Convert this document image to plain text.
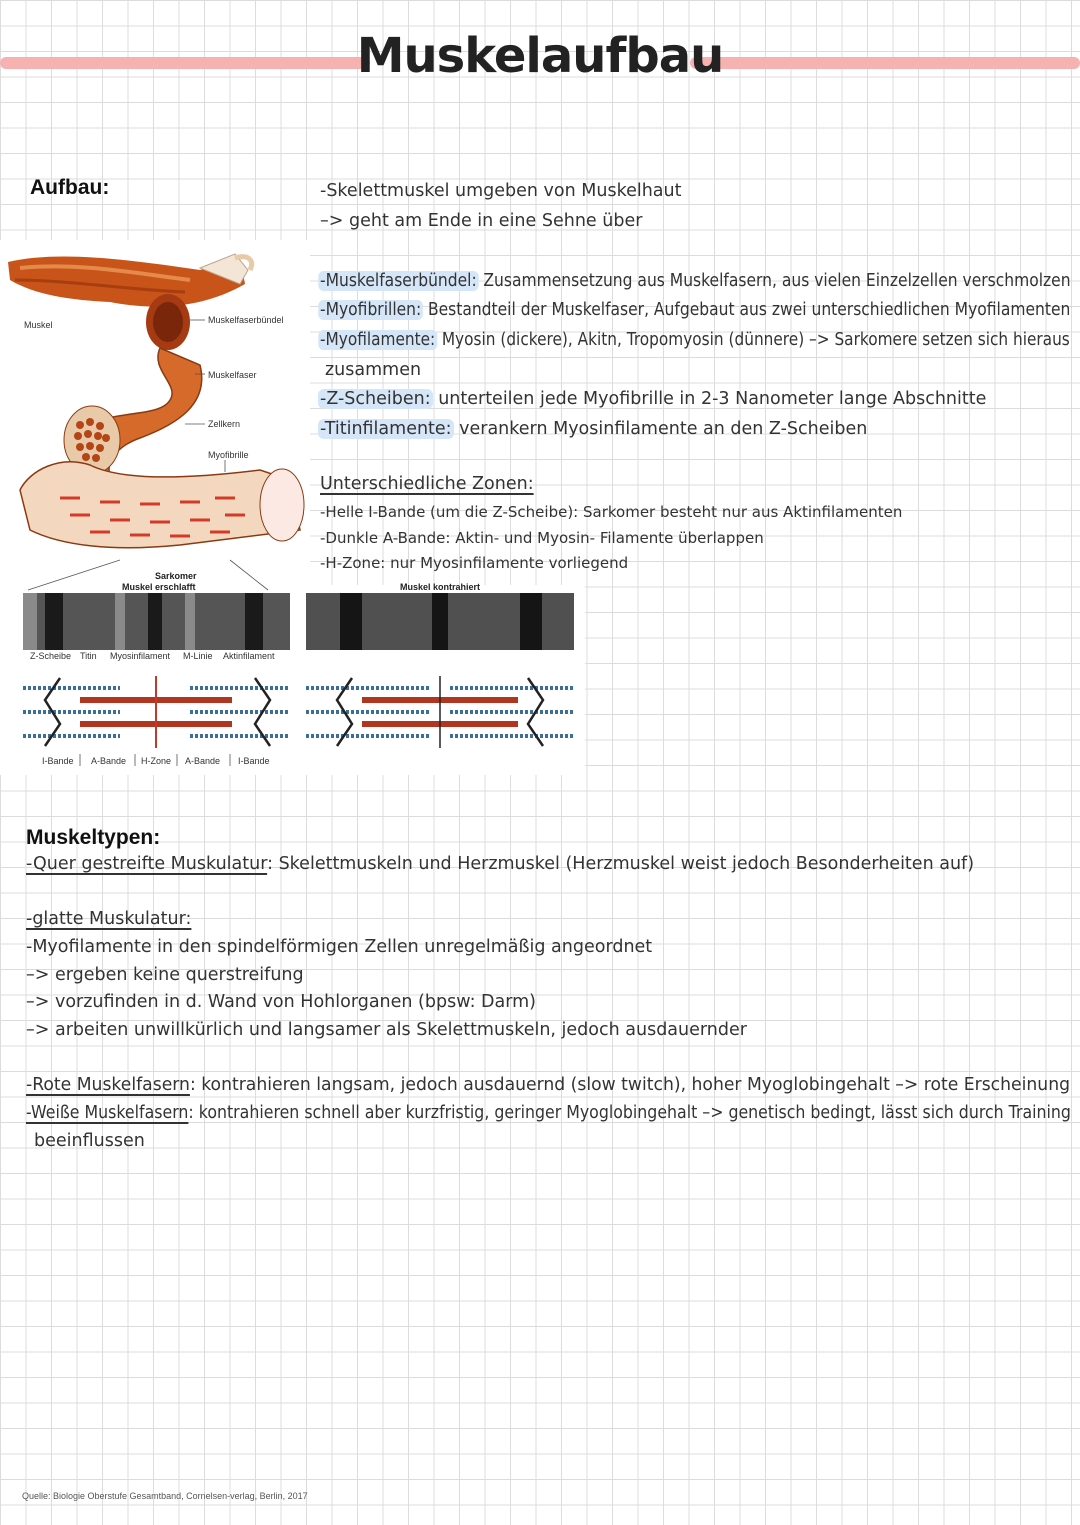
Muskelaufbau
Aufbau:	-Skelettmuskel umgeben von Muskelhaut
–> geht am Ende in eine Sehne über
-Muskelfaserbündel: Zusammensetzung aus Muskelfasern, aus vielen Einzelzellen verschmolzen
-Myofibrillen: Bestandteil der Muskelfaser, Aufgebaut aus zwei unterschiedlichen Myofilamenten
-Myofilamente: Myosin (dickere), Akitn, Tropomyosin (dünnere) –> Sarkomere setzen sich hieraus
zusammen
-Z-Scheiben: unterteilen jede Myofibrille in 2-3 Nanometer lange Abschnitte
-Titinfilamente: verankern Myosinfilamente an den Z-Scheiben
Unterschiedliche Zonen:
-Helle I-Bande (um die Z-Scheibe): Sarkomer besteht nur aus Aktinfilamenten
-Dunkle A-Bande: Aktin- und Myosin- Filamente überlappen
-H-Zone: nur Myosinfilamente vorliegend
Muskel	Muskelfaserbündel
Muskelfaser
Zellkern
Myofibrille
Sarkomer
Muskel erschlafft	Muskel kontrahiert
Z-Scheibe Titin Myosinfilament M-Linie Aktinfilament
I-Bande A-Bande H-Zone A-Bande I-Bande
Muskeltypen:
-Quer gestreifte Muskulatur: Skelettmuskeln und Herzmuskel (Herzmuskel weist jedoch Besonderheiten auf)
-glatte Muskulatur:
-Myofilamente in den spindelförmigen Zellen unregelmäßig angeordnet
–> ergeben keine querstreifung
–> vorzufinden in d. Wand von Hohlorganen (bpsw: Darm)
–> arbeiten unwillkürlich und langsamer als Skelettmuskeln, jedoch ausdauernder
-Rote Muskelfasern: kontrahieren langsam, jedoch ausdauernd (slow twitch), hoher Myoglobingehalt –> rote Erscheinung
-Weiße Muskelfasern: kontrahieren schnell aber kurzfristig, geringer Myoglobingehalt –> genetisch bedingt, lässt sich durch Training
beeinflussen
Quelle: Biologie Oberstufe Gesamtband, Cornelsen-verlag, Berlin, 2017
